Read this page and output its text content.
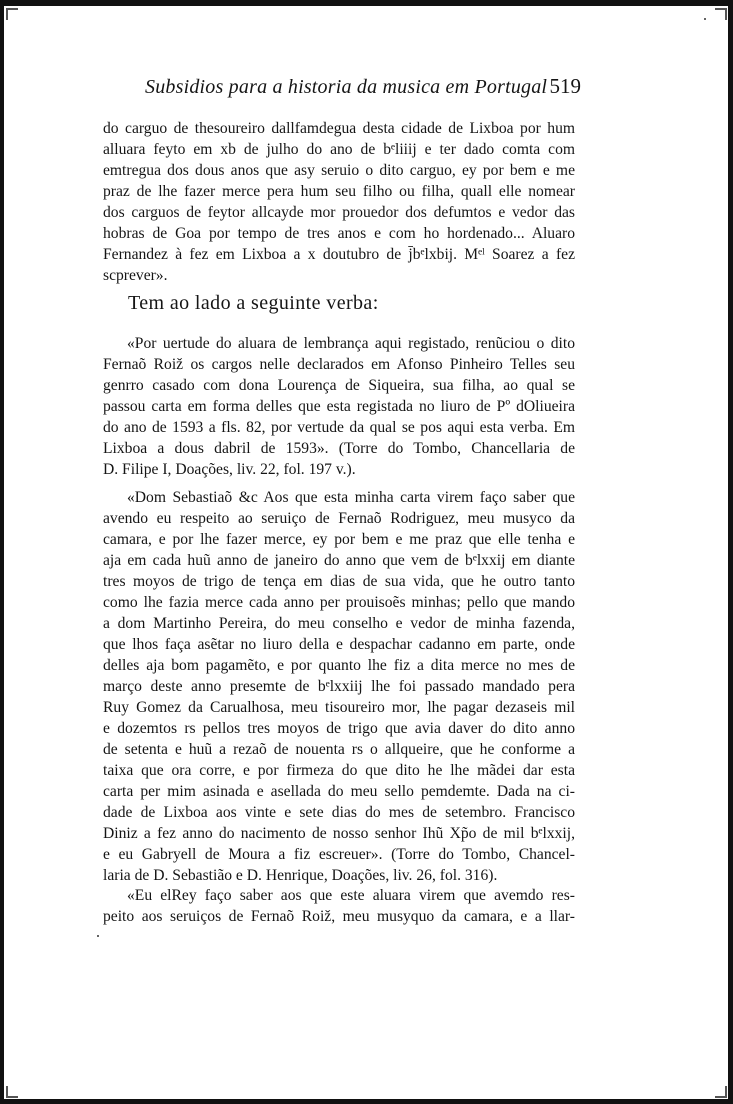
Subsidios para a historia da musica em Portugal 519

do carguo de thesoureiro dallfamdegua desta cidade de Lixboa por hum
alluara feyto em xb de julho do ano de bᵉliiij e ter dado comta com
emtregua dos dous anos que asy seruio o dito carguo, ey por bem e me
praz de lhe fazer merce pera hum seu filho ou filha, quall elle nomear
dos carguos de feytor allcayde mor prouedor dos defumtos e vedor das
hobras de Goa por tempo de tres anos e com ho hordenado... Aluaro
Fernandez à fez em Lixboa a x doutubro de j̄bᵉlxbij. Mᵉˡ Soarez a fez
scprever».

Tem ao lado a seguinte verba:

«Por uertude do aluara de lembrança aqui registado, renũciou o dito
Fernaõ Roiž os cargos nelle declarados em Afonso Pinheiro Telles seu
genrro casado com dona Lourença de Siqueira, sua filha, ao qual se
passou carta em forma delles que esta registada no liuro de Pº dOlіueira
do ano de 1593 a fls. 82, por vertude da qual se pos aqui esta verba. Em
Lixboa a dous dabril de 1593». (Torre do Tombo, Chancellaria de
D. Filipe I, Doações, liv. 22, fol. 197 v.).

«Dom Sebastiaõ &c Aos que esta minha carta virem faço saber que
avendo eu respeito ao seruiço de Fernaõ Rodriguez, meu musyco da
camara, e por lhe fazer merce, ey por bem e me praz que elle tenha e
aja em cada huũ anno de janeiro do anno que vem de bᵉlxxij em diante
tres moyos de trigo de tença em dias de sua vida, que he outro tanto
como lhe fazia merce cada anno per prouisoẽs minhas; pello que mando
a dom Martinho Pereira, do meu conselho e vedor de minha fazenda,
que lhos faça asẽtar no liuro della e despachar cadanno em parte, onde
delles aja bom pagamẽto, e por quanto lhe fiz a dita merce no mes de
março deste anno presemte de bᵉlxxiij lhe foi passado mandado pera
Ruy Gomez da Carualhosa, meu tisoureiro mor, lhe pagar dezaseis mil
e dozemtos rs pellos tres moyos de trigo que avia daver do dito anno
de setenta e huũ a rezaõ de nouenta rs o allqueire, que he conforme a
taixa que ora corre, e por firmeza do que dito he lhe mãdei dar esta
carta per mim asinada e asellada do meu sello pemdemte. Dada na ci-
dade de Lixboa aos vinte e sete dias do mes de setembro. Francisco
Diniz a fez anno do nacimento de nosso senhor Ihũ Xp̃o de mil bᵉlxxij,
e eu Gabryell de Moura a fiz escreuer». (Torre do Tombo, Chancel-
laria de D. Sebastião e D. Henrique, Doações, liv. 26, fol. 316).

«Eu elRey faço saber aos que este aluara virem que avemdo res-
peito aos seruiços de Fernaõ Roiž, meu musyquo da camara, e a llar-
